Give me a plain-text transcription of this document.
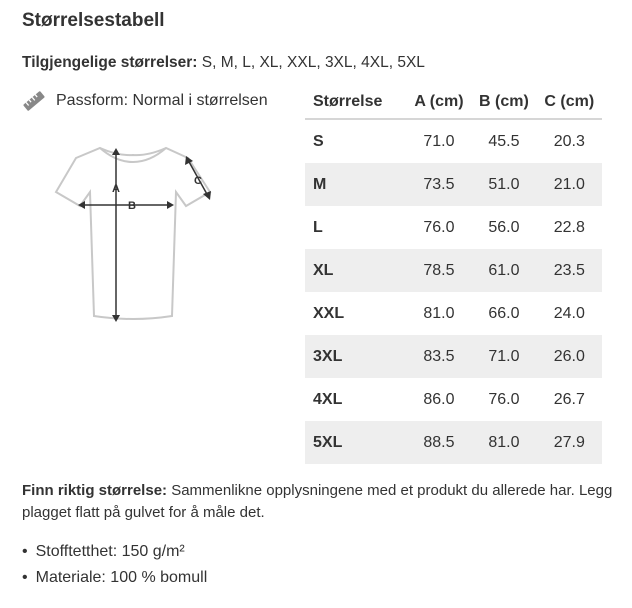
Størrelsestabell
Tilgjengelige størrelser: S, M, L, XL, XXL, 3XL, 4XL, 5XL
Passform: Normal i størrelsen
A
B
C
Størrelse	A (cm)	B (cm)	C (cm)
S	71.0	45.5	20.3
M	73.5	51.0	21.0
L	76.0	56.0	22.8
XL	78.5	61.0	23.5
XXL	81.0	66.0	24.0
3XL	83.5	71.0	26.0
4XL	86.0	76.0	26.7
5XL	88.5	81.0	27.9
Finn riktig størrelse: Sammenlikne opplysningene med et produkt du allerede har. Legg plagget flatt på gulvet for å måle det.
• Stofftetthet: 150 g/m²
• Materiale: 100 % bomull
